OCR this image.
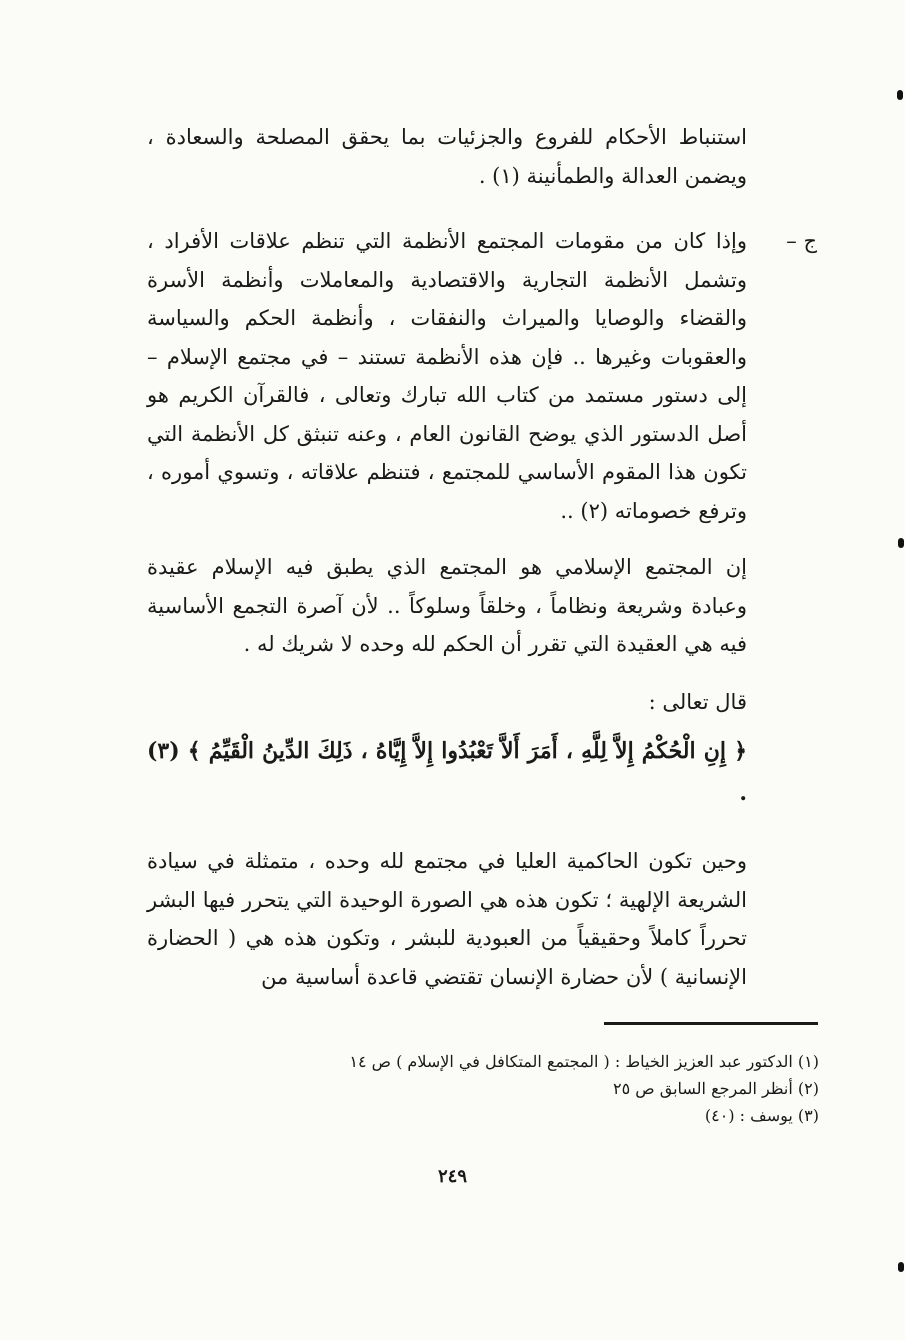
استنباط الأحكام للفروع والجزئيات بما يحقق المصلحة والسعادة ، ويضمن العدالة والطمأنينة (١) .
ج –
وإذا كان من مقومات المجتمع الأنظمة التي تنظم علاقات الأفراد ، وتشمل الأنظمة التجارية والاقتصادية والمعاملات وأنظمة الأسرة والقضاء والوصايا والميراث والنفقات ، وأنظمة الحكم والسياسة والعقوبات وغيرها .. فإن هذه الأنظمة تستند – في مجتمع الإسلام – إلى دستور مستمد من كتاب الله تبارك وتعالى ، فالقرآن الكريم هو أصل الدستور الذي يوضح القانون العام ، وعنه تنبثق كل الأنظمة التي تكون هذا المقوم الأساسي للمجتمع ، فتنظم علاقاته ، وتسوي أموره ، وترفع خصوماته (٢) ..
إن المجتمع الإسلامي هو المجتمع الذي يطبق فيه الإسلام عقيدة وعبادة وشريعة ونظاماً ، وخلقاً وسلوكاً .. لأن آصرة التجمع الأساسية فيه هي العقيدة التي تقرر أن الحكم لله وحده لا شريك له .
قال تعالى :
﴿ إِنِ الْحُكْمُ إِلاَّ لِلَّهِ ، أَمَرَ أَلاَّ تَعْبُدُوا إِلاَّ إِيَّاهُ ، ذَلِكَ الدِّينُ الْقَيِّمُ ﴾ (٣) .
وحين تكون الحاكمية العليا في مجتمع لله وحده ، متمثلة في سيادة الشريعة الإلهية ؛ تكون هذه هي الصورة الوحيدة التي يتحرر فيها البشر تحرراً كاملاً وحقيقياً من العبودية للبشر ، وتكون هذه هي ( الحضارة الإنسانية ) لأن حضارة الإنسان تقتضي قاعدة أساسية من
(١) الدكتور عبد العزيز الخياط : ( المجتمع المتكافل في الإسلام ) ص ١٤
(٢) أنظر المرجع السابق ص ٢٥
(٣) يوسف : (٤٠)
٢٤٩
